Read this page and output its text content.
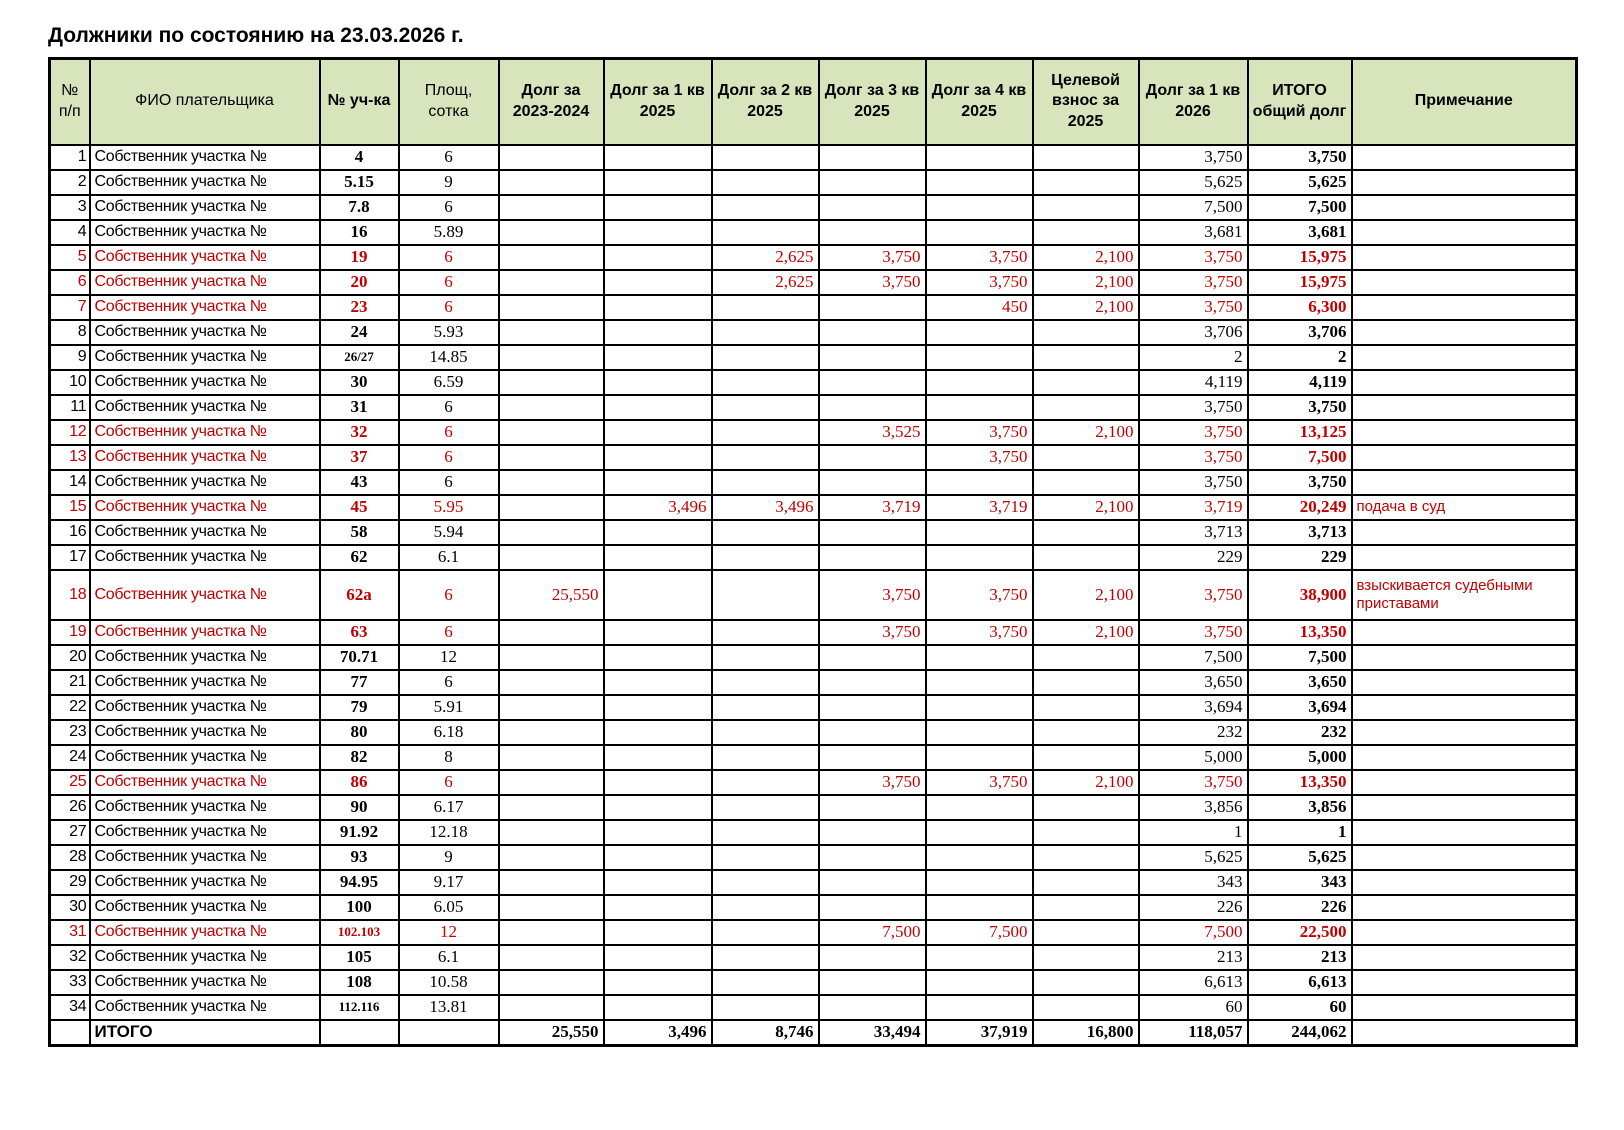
Должники по состоянию на 23.03.2026 г.
№ п/п	ФИО плательщика	№ уч-ка	Площ, сотка	Долг за 2023-2024	Долг за 1 кв 2025	Долг за 2 кв 2025	Долг за 3 кв 2025	Долг за 4 кв 2025	Целевой взнос за 2025	Долг за 1 кв 2026	ИТОГО общий долг	Примечание
1	Собственник участка №	4	6							3,750	3,750	
2	Собственник участка №	5.15	9							5,625	5,625	
3	Собственник участка №	7.8	6							7,500	7,500	
4	Собственник участка №	16	5.89							3,681	3,681	
5	Собственник участка №	19	6			2,625	3,750	3,750	2,100	3,750	15,975	
6	Собственник участка №	20	6			2,625	3,750	3,750	2,100	3,750	15,975	
7	Собственник участка №	23	6					450	2,100	3,750	6,300	
8	Собственник участка №	24	5.93							3,706	3,706	
9	Собственник участка №	26/27	14.85							2	2	
10	Собственник участка №	30	6.59							4,119	4,119	
11	Собственник участка №	31	6							3,750	3,750	
12	Собственник участка №	32	6				3,525	3,750	2,100	3,750	13,125	
13	Собственник участка №	37	6					3,750		3,750	7,500	
14	Собственник участка №	43	6							3,750	3,750	
15	Собственник участка №	45	5.95		3,496	3,496	3,719	3,719	2,100	3,719	20,249	подача в суд
16	Собственник участка №	58	5.94							3,713	3,713	
17	Собственник участка №	62	6.1							229	229	
18	Собственник участка №	62а	6	25,550			3,750	3,750	2,100	3,750	38,900	взыскивается судебными приставами
19	Собственник участка №	63	6				3,750	3,750	2,100	3,750	13,350	
20	Собственник участка №	70.71	12							7,500	7,500	
21	Собственник участка №	77	6							3,650	3,650	
22	Собственник участка №	79	5.91							3,694	3,694	
23	Собственник участка №	80	6.18							232	232	
24	Собственник участка №	82	8							5,000	5,000	
25	Собственник участка №	86	6				3,750	3,750	2,100	3,750	13,350	
26	Собственник участка №	90	6.17							3,856	3,856	
27	Собственник участка №	91.92	12.18							1	1	
28	Собственник участка №	93	9							5,625	5,625	
29	Собственник участка №	94.95	9.17							343	343	
30	Собственник участка №	100	6.05							226	226	
31	Собственник участка №	102.103	12				7,500	7,500		7,500	22,500	
32	Собственник участка №	105	6.1							213	213	
33	Собственник участка №	108	10.58							6,613	6,613	
34	Собственник участка №	112.116	13.81							60	60	
	ИТОГО			25,550	3,496	8,746	33,494	37,919	16,800	118,057	244,062	
